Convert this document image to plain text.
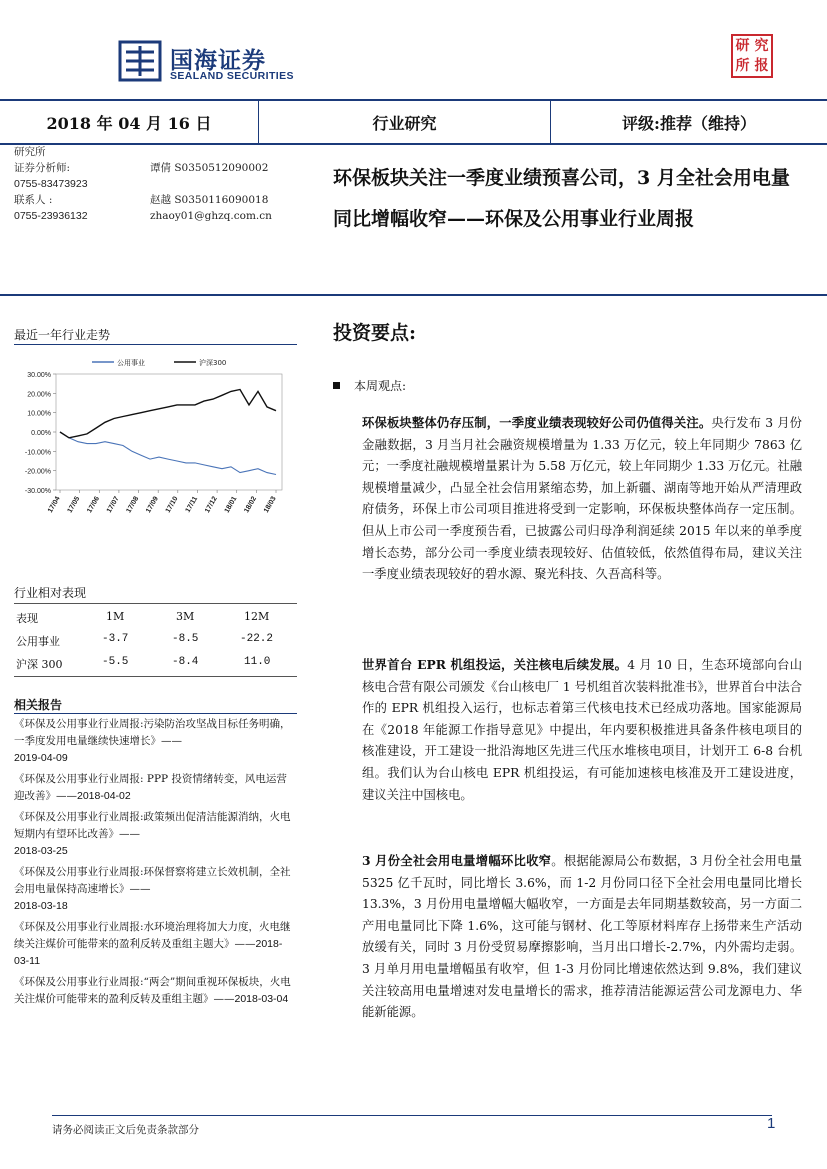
国海证券
SEALAND SECURITIES
研 究
所 报
2018 年 04 月 16 日	行业研究	评级:推荐（维持）
研究所
证券分析师:	谭倩 S0350512090002
0755-83473923
联系人 :	赵越 S0350116090018
0755-23936132	zhaoy01@ghzq.com.cn
环保板块关注一季度业绩预喜公司，3 月全社会用电量同比增幅收窄——环保及公用事业行业周报
最近一年行业走势
30.00%
20.00%
10.00%
0.00%
-10.00%
-20.00%
-30.00%
17/04 17/05 17/06 17/07 17/08 17/09 17/10 17/11 17/12 18/01 18/02 18/03
公用事业	沪深300
行业相对表现
表现	1M	3M	12M
公用事业	-3.7	-8.5	-22.2
沪深 300	-5.5	-8.4	11.0
相关报告

《环保及公用事业行业周报:污染防治攻坚战目标任务明确，一季度发用电量继续快速增长》——
2019-04-09

《环保及公用事业行业周报: PPP 投资情绪转变，风电运营迎改善》——2018-04-02

《环保及公用事业行业周报:政策频出促清洁能源消纳，火电短期内有望环比改善》——
2018-03-25

《环保及公用事业行业周报:环保督察将建立长效机制，全社会用电量保持高速增长》——
2018-03-18

《环保及公用事业行业周报:水环境治理将加大力度，火电继续关注煤价可能带来的盈利反转及重组主题大》——2018-03-11

《环保及公用事业行业周报:“两会”期间重视环保板块，火电关注煤价可能带来的盈利反转及重组主题》——2018-03-04

投资要点:
本周观点:
环保板块整体仍存压制，一季度业绩表现较好公司仍值得关注。央行发布 3 月份金融数据，3 月当月社会融资规模增量为 1.33 万亿元，较上年同期少 7863 亿元；一季度社融规模增量累计为 5.58 万亿元，较上年同期少 1.33 万亿元。社融规模增量减少，凸显全社会信用紧缩态势，加上新疆、湖南等地开始从严清理政府债务，环保上市公司项目推进将受到一定影响，环保板块整体尚存一定压制。但从上市公司一季度预告看，已披露公司归母净利润延续 2015 年以来的单季度增长态势，部分公司一季度业绩表现较好、估值较低，依然值得布局，建议关注一季度业绩表现较好的碧水源、聚光科技、久吾高科等。
世界首台 EPR 机组投运，关注核电后续发展。4 月 10 日，生态环境部向台山核电合营有限公司颁发《台山核电厂 1 号机组首次装料批准书》，世界首台中法合作的 EPR 机组投入运行，也标志着第三代核电技术已经成功落地。国家能源局在《2018 年能源工作指导意见》中提出，年内要积极推进具备条件核电项目的核准建设，开工建设一批沿海地区先进三代压水堆核电项目，计划开工 6-8 台机组。我们认为台山核电 EPR 机组投运，有可能加速核电核准及开工建设进度，建议关注中国核电。
3 月份全社会用电量增幅环比收窄。根据能源局公布数据，3 月份全社会用电量 5325 亿千瓦时，同比增长 3.6%，而 1-2 月份同口径下全社会用电量同比增长 13.3%，3 月份用电量增幅大幅收窄，一方面是去年同期基数较高，另一方面二产用电量同比下降 1.6%，这可能与钢材、化工等原材料库存上扬带来生产活动放缓有关，同时 3 月份受贸易摩擦影响，当月出口增长-2.7%，内外需均走弱。3 月单月用电量增幅虽有收窄，但 1-3 月份同比增速依然达到 9.8%，我们建议关注较高用电量增速对发电量增长的需求，推荐清洁能源运营公司龙源电力、华能新能源。
请务必阅读正文后免责条款部分	1
